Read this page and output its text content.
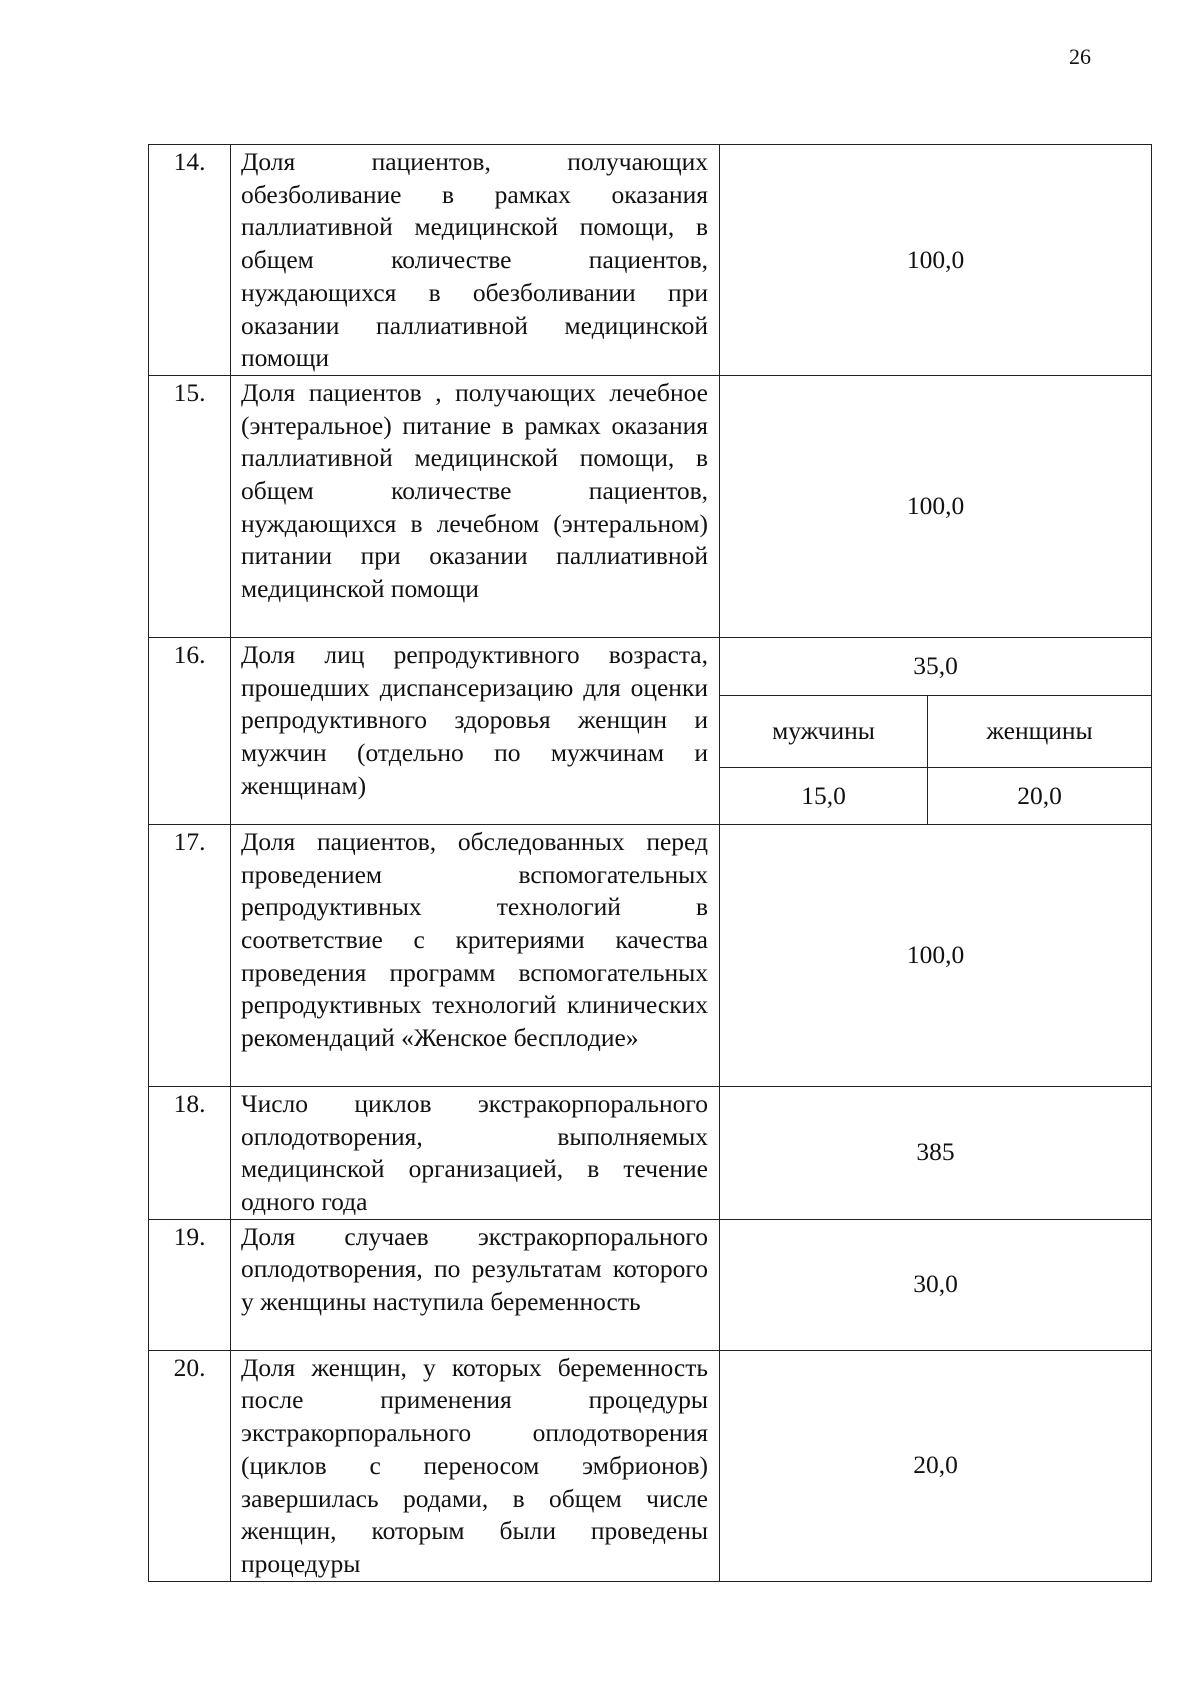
26
14.	Доля пациентов, получающих обезболивание в рамках оказания паллиативной медицинской помощи, в общем количестве пациентов, нуждающихся в обезболивании при оказании паллиативной медицинской помощи	100,0	
15.	Доля пациентов , получающих лечебное (энтеральное) питание в рамках оказания паллиативной медицинской помощи, в общем количестве пациентов, нуждающихся в лечебном (энтеральном) питании при оказании паллиативной медицинской помощи	100,0	
16.	Доля лиц репродуктивного возраста, прошедших диспансеризацию для оценки репродуктивного здоровья женщин и мужчин (отдельно по мужчинам и женщинам)	35,0	
		мужчины	женщины
		15,0	20,0
17.	Доля пациентов, обследованных перед проведением вспомогательных репродуктивных технологий в соответствие с критериями качества проведения программ вспомогательных репродуктивных технологий клинических рекомендаций «Женское бесплодие»	100,0	
18.	Число циклов экстракорпорального оплодотворения, выполняемых медицинской организацией, в течение одного года	385	
19.	Доля случаев экстракорпорального оплодотворения, по результатам которого у женщины наступила беременность	30,0	
20.	Доля женщин, у которых беременность после применения процедуры экстракорпорального оплодотворения (циклов с переносом эмбрионов) завершилась родами, в общем числе женщин, которым были проведены процедуры	20,0	
